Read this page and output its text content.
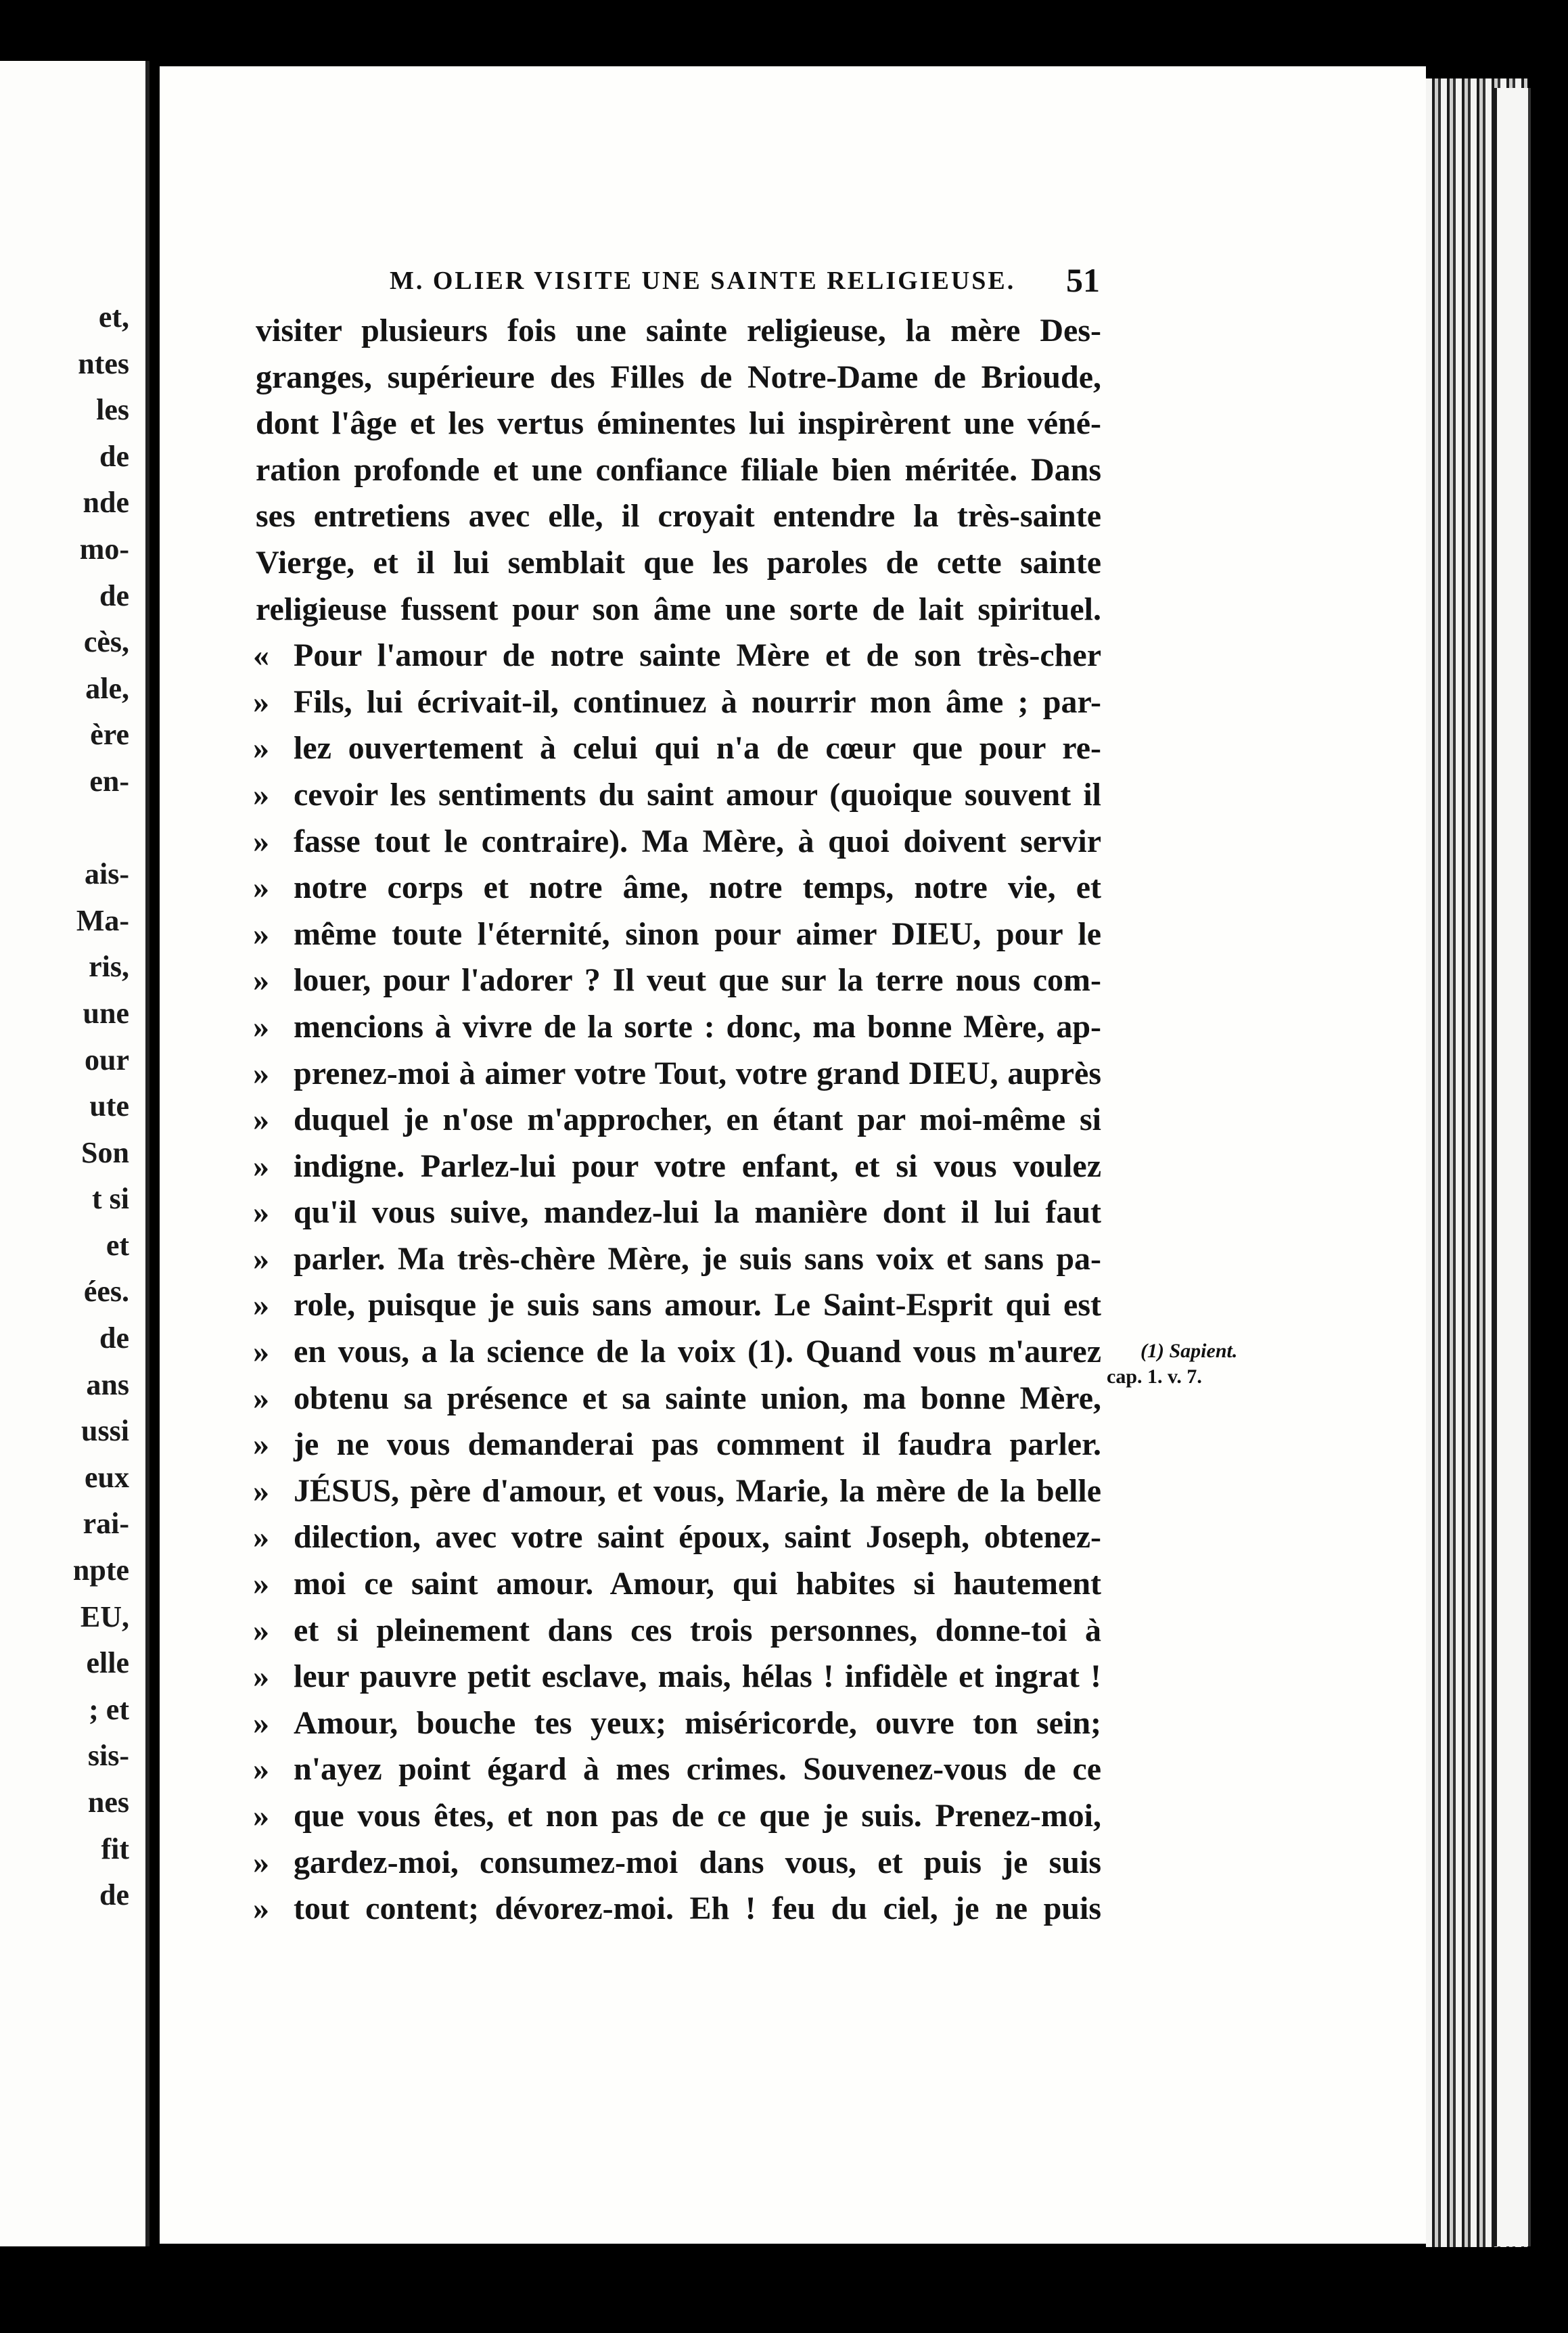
et,
ntes
les
de
nde
mo-
de
cès,
ale,
ère
en-
ais-
Ma-
ris,
une
our
ute
Son
t si
et
ées.
de
ans
ussi
eux
rai-
npte
EU,
elle
; et
sis-
nes
fit
de
M. OLIER VISITE UNE SAINTE RELIGIEUSE. 51
visiter plusieurs fois une sainte religieuse, la mère Des-
granges, supérieure des Filles de Notre-Dame de Brioude,
dont l'âge et les vertus éminentes lui inspirèrent une véné-
ration profonde et une confiance filiale bien méritée. Dans
ses entretiens avec elle, il croyait entendre la très-sainte
Vierge, et il lui semblait que les paroles de cette sainte
religieuse fussent pour son âme une sorte de lait spirituel.
« Pour l'amour de notre sainte Mère et de son très-cher
» Fils, lui écrivait-il, continuez à nourrir mon âme ; par-
» lez ouvertement à celui qui n'a de cœur que pour re-
» cevoir les sentiments du saint amour (quoique souvent il
» fasse tout le contraire). Ma Mère, à quoi doivent servir
» notre corps et notre âme, notre temps, notre vie, et
» même toute l'éternité, sinon pour aimer DIEU, pour le
» louer, pour l'adorer ? Il veut que sur la terre nous com-
» mencions à vivre de la sorte : donc, ma bonne Mère, ap-
» prenez-moi à aimer votre Tout, votre grand DIEU, auprès
» duquel je n'ose m'approcher, en étant par moi-même si
» indigne. Parlez-lui pour votre enfant, et si vous voulez
» qu'il vous suive, mandez-lui la manière dont il lui faut
» parler. Ma très-chère Mère, je suis sans voix et sans pa-
» role, puisque je suis sans amour. Le Saint-Esprit qui est
» en vous, a la science de la voix (1). Quand vous m'aurez
» obtenu sa présence et sa sainte union, ma bonne Mère,
» je ne vous demanderai pas comment il faudra parler.
» JÉSUS, père d'amour, et vous, Marie, la mère de la belle
» dilection, avec votre saint époux, saint Joseph, obtenez-
» moi ce saint amour. Amour, qui habites si hautement
» et si pleinement dans ces trois personnes, donne-toi à
» leur pauvre petit esclave, mais, hélas ! infidèle et ingrat !
» Amour, bouche tes yeux; miséricorde, ouvre ton sein;
» n'ayez point égard à mes crimes. Souvenez-vous de ce
» que vous êtes, et non pas de ce que je suis. Prenez-moi,
» gardez-moi, consumez-moi dans vous, et puis je suis
» tout content; dévorez-moi. Eh ! feu du ciel, je ne puis
(1) Sapient.
cap. 1. v. 7.
